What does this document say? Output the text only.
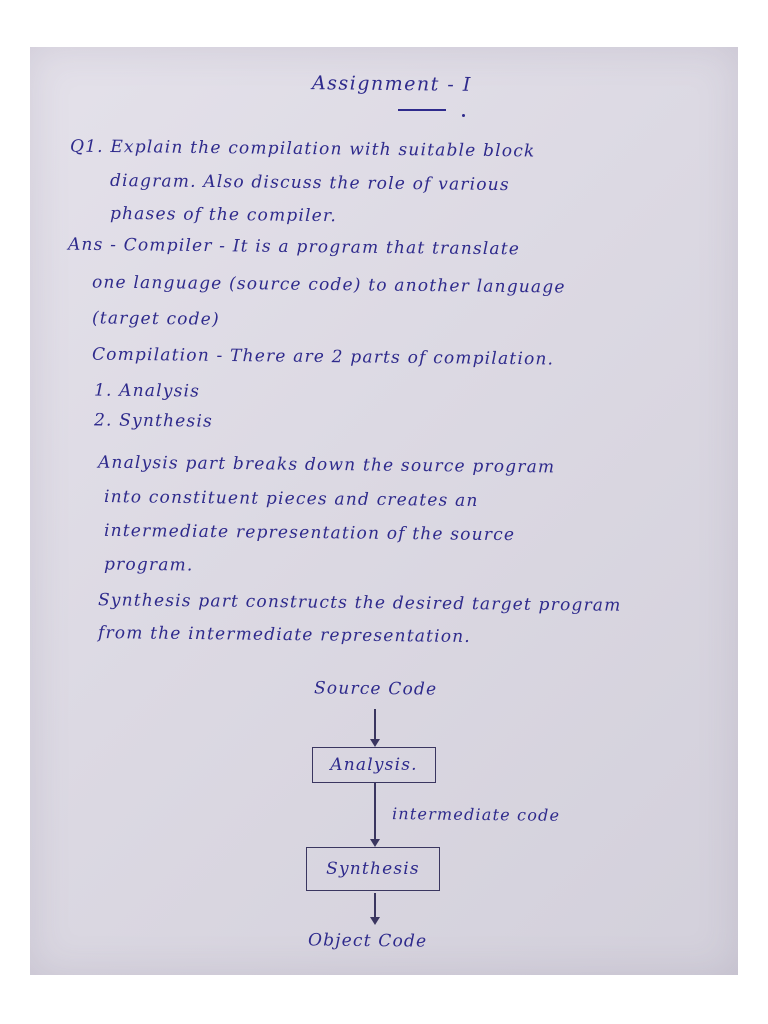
Assignment - I
Q1. Explain the compilation with suitable block
diagram. Also discuss the role of various
phases of the compiler.
Ans - Compiler - It is a program that translate
one language (source code) to another language
(target code)
Compilation - There are 2 parts of compilation.
1. Analysis
2. Synthesis
Analysis part breaks down the source program
into constituent pieces and creates an
intermediate representation of the source
program.
Synthesis part constructs the desired target program
from the intermediate representation.
Source Code
Analysis.
intermediate code
Synthesis
Object Code
